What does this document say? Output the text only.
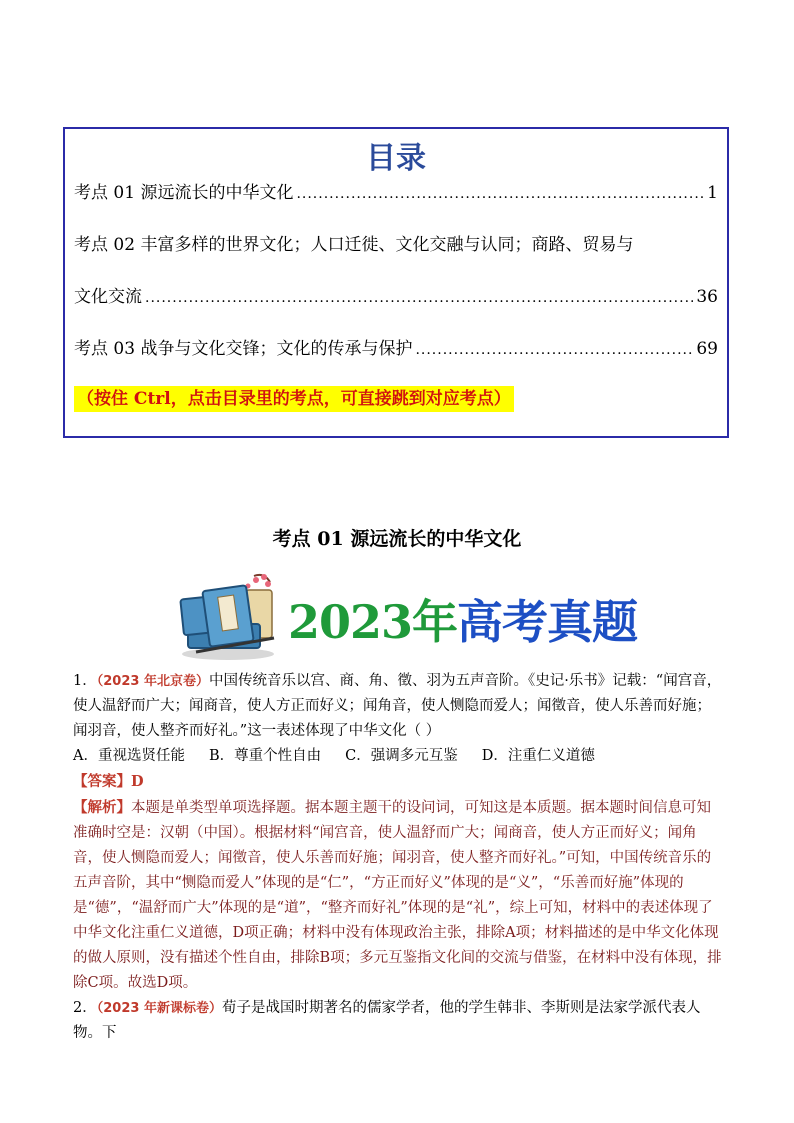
目录
考点 01 源远流长的中华文化 .....	1
考点 02 丰富多样的世界文化；人口迁徙、文化交融与认同；商路、贸易与
文化交流 .....	36
考点 03 战争与文化交锋；文化的传承与保护 .....	69
（按住 Ctrl，点击目录里的考点，可直接跳到对应考点）
考点 01 源远流长的中华文化
2023年高考真题
1．（2023 年北京卷）中国传统音乐以宫、商、角、徵、羽为五声音阶。《史记·乐书》记载：“闻宫音，使人温舒而广大；闻商音，使人方正而好义；闻角音，使人恻隐而爱人；闻徵音，使人乐善而好施；闻羽音，使人整齐而好礼。”这一表述体现了中华文化（ ）
A．重视选贤任能 B．尊重个性自由 C．强调多元互鉴 D．注重仁义道德
【答案】D
【解析】本题是单类型单项选择题。据本题主题干的设问词，可知这是本质题。据本题时间信息可知准确时空是：汉朝（中国）。根据材料“闻宫音，使人温舒而广大；闻商音，使人方正而好义；闻角音，使人恻隐而爱人；闻徵音，使人乐善而好施；闻羽音，使人整齐而好礼。”可知，中国传统音乐的五声音阶，其中“恻隐而爱人”体现的是“仁”，“方正而好义”体现的是“义”，“乐善而好施”体现的是“德”，“温舒而广大”体现的是“道”，“整齐而好礼”体现的是“礼”，综上可知，材料中的表述体现了中华文化注重仁义道德，D项正确；材料中没有体现政治主张，排除A项；材料描述的是中华文化体现的做人原则，没有描述个性自由，排除B项；多元互鉴指文化间的交流与借鉴，在材料中没有体现，排除C项。故选D项。
2．（2023 年新课标卷）荀子是战国时期著名的儒家学者，他的学生韩非、李斯则是法家学派代表人物。下
